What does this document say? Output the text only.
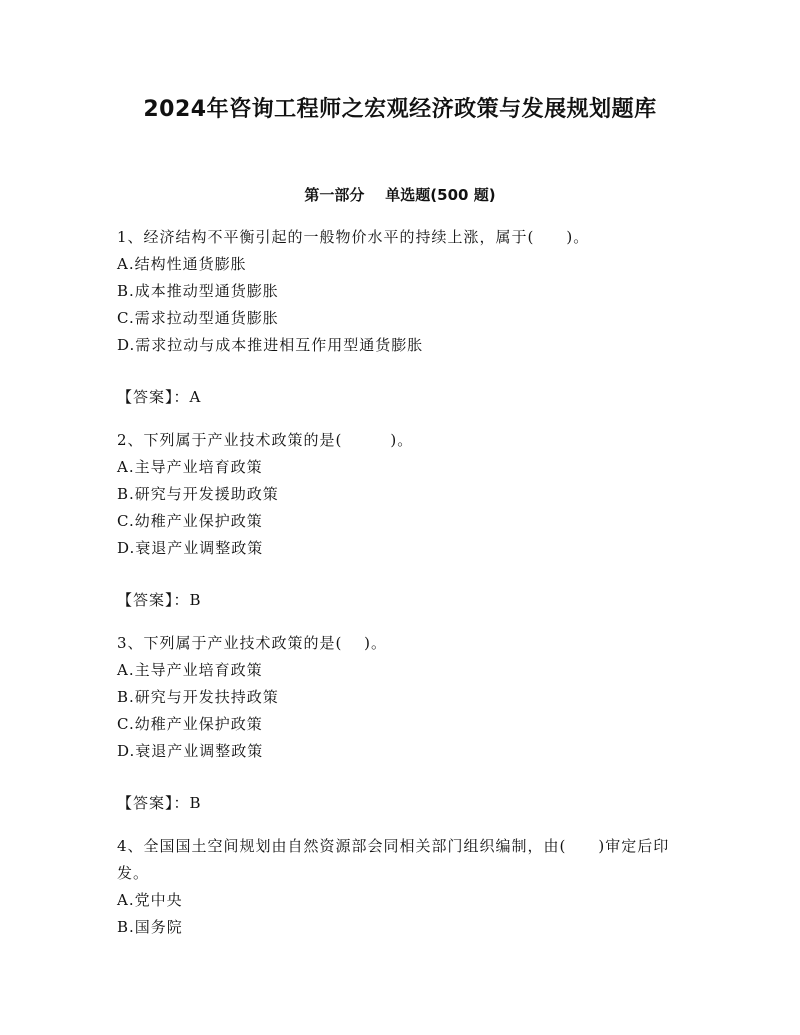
2024年咨询工程师之宏观经济政策与发展规划题库
第一部分    单选题(500 题)
1、经济结构不平衡引起的一般物价水平的持续上涨，属于(　　)。
A.结构性通货膨胀
B.成本推动型通货膨胀
C.需求拉动型通货膨胀
D.需求拉动与成本推进相互作用型通货膨胀
【答案】：A
2、下列属于产业技术政策的是(　　　)。
A.主导产业培育政策
B.研究与开发援助政策
C.幼稚产业保护政策
D.衰退产业调整政策
【答案】：B
3、下列属于产业技术政策的是(　 )。
A.主导产业培育政策
B.研究与开发扶持政策
C.幼稚产业保护政策
D.衰退产业调整政策
【答案】：B
4、全国国土空间规划由自然资源部会同相关部门组织编制，由(　　)审定后印发。
A.党中央
B.国务院
